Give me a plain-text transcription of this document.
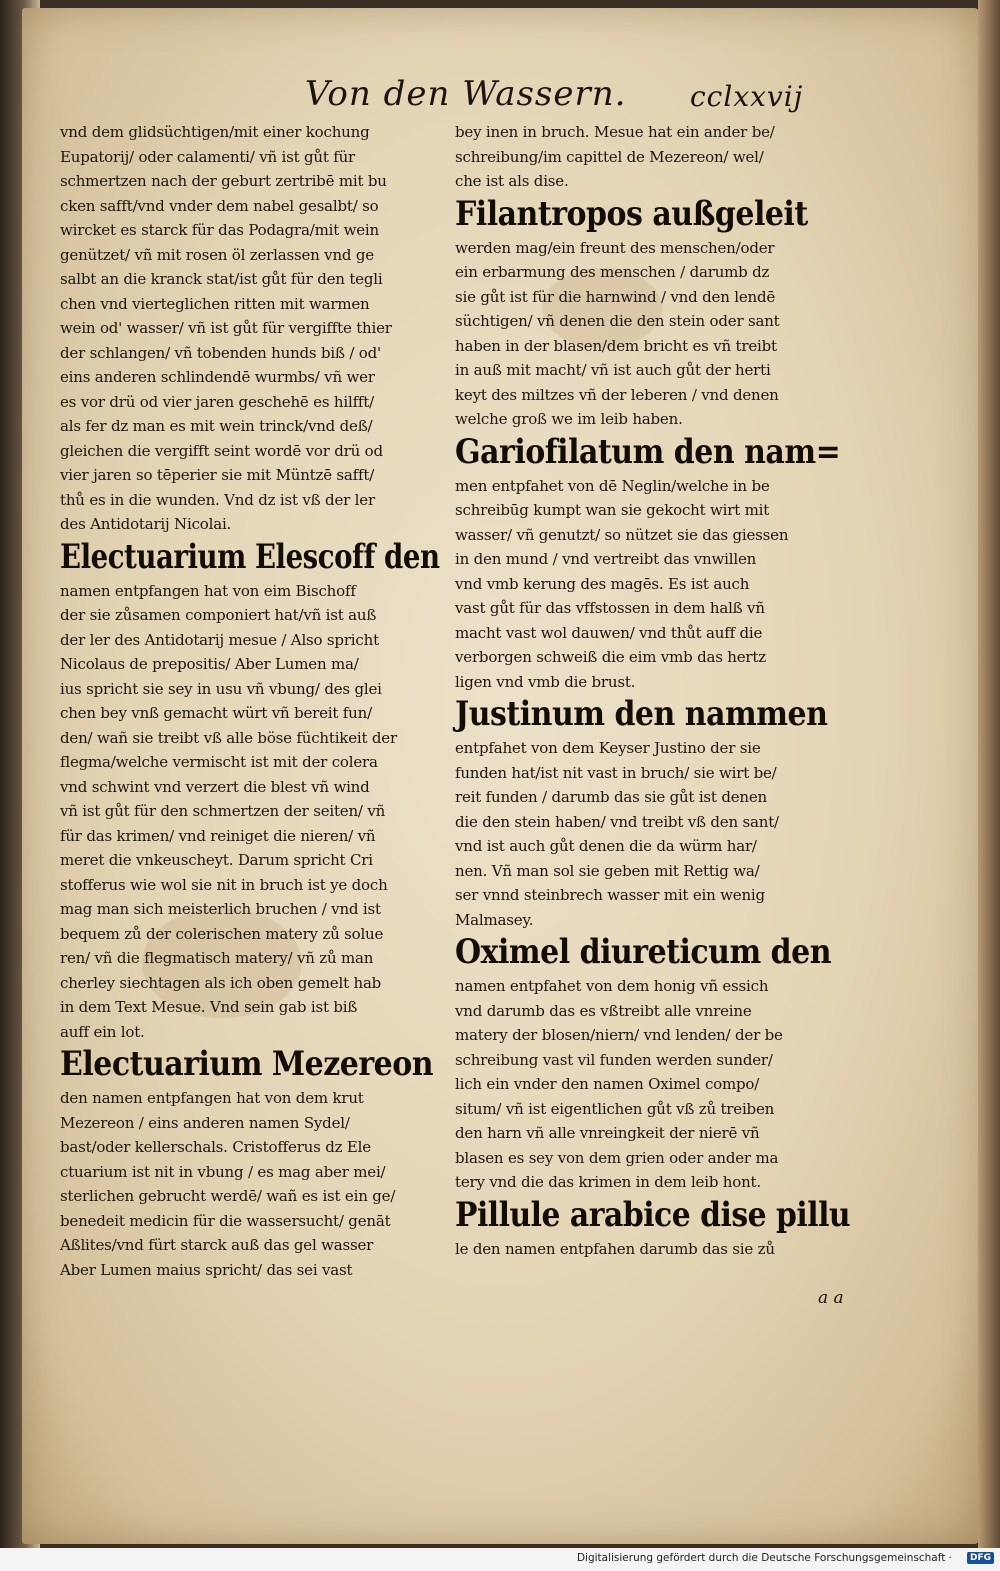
Von den Wassern. cclxxvij
vnd dem glidsüchtigen/mit einer kochung
Eupatorij/ oder calamenti/ vñ ist gůt für
schmertzen nach der geburt zertribē mit bu
cken safft/vnd vnder dem nabel gesalbt/ so
wircket es starck für das Podagra/mit wein
genützet/ vñ mit rosen öl zerlassen vnd ge
salbt an die kranck stat/ist gůt für den tegli
chen vnd vierteglichen ritten mit warmen
wein od' wasser/ vñ ist gůt für vergiffte thier
der schlangen/ vñ tobenden hunds biß / od'
eins anderen schlindendē wurmbs/ vñ wer
es vor drü od vier jaren geschehē es hilfft/
als fer dz man es mit wein trinck/vnd deß/
gleichen die vergifft seint wordē vor drü od
vier jaren so tēperier sie mit Müntzē safft/
thů es in die wunden. Vnd dz ist vß der ler
des Antidotarij Nicolai.
Electuarium Elescoff den
namen entpfangen hat von eim Bischoff
der sie zůsamen componiert hat/vñ ist auß
der ler des Antidotarij mesue / Also spricht
Nicolaus de prepositis/ Aber Lumen ma/
ius spricht sie sey in usu vñ vbung/ des glei
chen bey vnß gemacht würt vñ bereit fun/
den/ wañ sie treibt vß alle böse füchtikeit der
flegma/welche vermischt ist mit der colera
vnd schwint vnd verzert die blest vñ wind
vñ ist gůt für den schmertzen der seiten/ vñ
für das krimen/ vnd reiniget die nieren/ vñ
meret die vnkeuscheyt. Darum spricht Cri
stofferus wie wol sie nit in bruch ist ye doch
mag man sich meisterlich bruchen / vnd ist
bequem zů der colerischen matery zů solue
ren/ vñ die flegmatisch matery/ vñ zů man
cherley siechtagen als ich oben gemelt hab
in dem Text Mesue. Vnd sein gab ist biß
auff ein lot.
Electuarium Mezereon
den namen entpfangen hat von dem krut
Mezereon / eins anderen namen Sydel/
bast/oder kellerschals. Cristofferus dz Ele
ctuarium ist nit in vbung / es mag aber mei/
sterlichen gebrucht werdē/ wañ es ist ein ge/
benedeit medicin für die wassersucht/ genāt
Aßlites/vnd fürt starck auß das gel wasser
Aber Lumen maius spricht/ das sei vast
bey inen in bruch. Mesue hat ein ander be/
schreibung/im capittel de Mezereon/ wel/
che ist als dise.
Filantropos außgeleit
werden mag/ein freunt des menschen/oder
ein erbarmung des menschen / darumb dz
sie gůt ist für die harnwind / vnd den lendē
süchtigen/ vñ denen die den stein oder sant
haben in der blasen/dem bricht es vñ treibt
in auß mit macht/ vñ ist auch gůt der herti
keyt des miltzes vñ der leberen / vnd denen
welche groß we im leib haben.
Gariofilatum den nam=
men entpfahet von dē Neglin/welche in be
schreibūg kumpt wan sie gekocht wirt mit
wasser/ vñ genutzt/ so nützet sie das giessen
in den mund / vnd vertreibt das vnwillen
vnd vmb kerung des magēs. Es ist auch
vast gůt für das vffstossen in dem halß vñ
macht vast wol dauwen/ vnd thůt auff die
verborgen schweiß die eim vmb das hertz
ligen vnd vmb die brust.
Justinum den nammen
entpfahet von dem Keyser Justino der sie
funden hat/ist nit vast in bruch/ sie wirt be/
reit funden / darumb das sie gůt ist denen
die den stein haben/ vnd treibt vß den sant/
vnd ist auch gůt denen die da würm har/
nen. Vñ man sol sie geben mit Rettig wa/
ser vnnd steinbrech wasser mit ein wenig
Malmasey.
Oximel diureticum den
namen entpfahet von dem honig vñ essich
vnd darumb das es vßtreibt alle vnreine
matery der blosen/niern/ vnd lenden/ der be
schreibung vast vil funden werden sunder/
lich ein vnder den namen Oximel compo/
situm/ vñ ist eigentlichen gůt vß zů treiben
den harn vñ alle vnreingkeit der nierē vñ
blasen es sey von dem grien oder ander ma
tery vnd die das krimen in dem leib hont.
Pillule arabice dise pillu
le den namen entpfahen darumb das sie zů
a a
Digitalisierung gefördert durch die Deutsche Forschungsgemeinschaft ·	DFG
